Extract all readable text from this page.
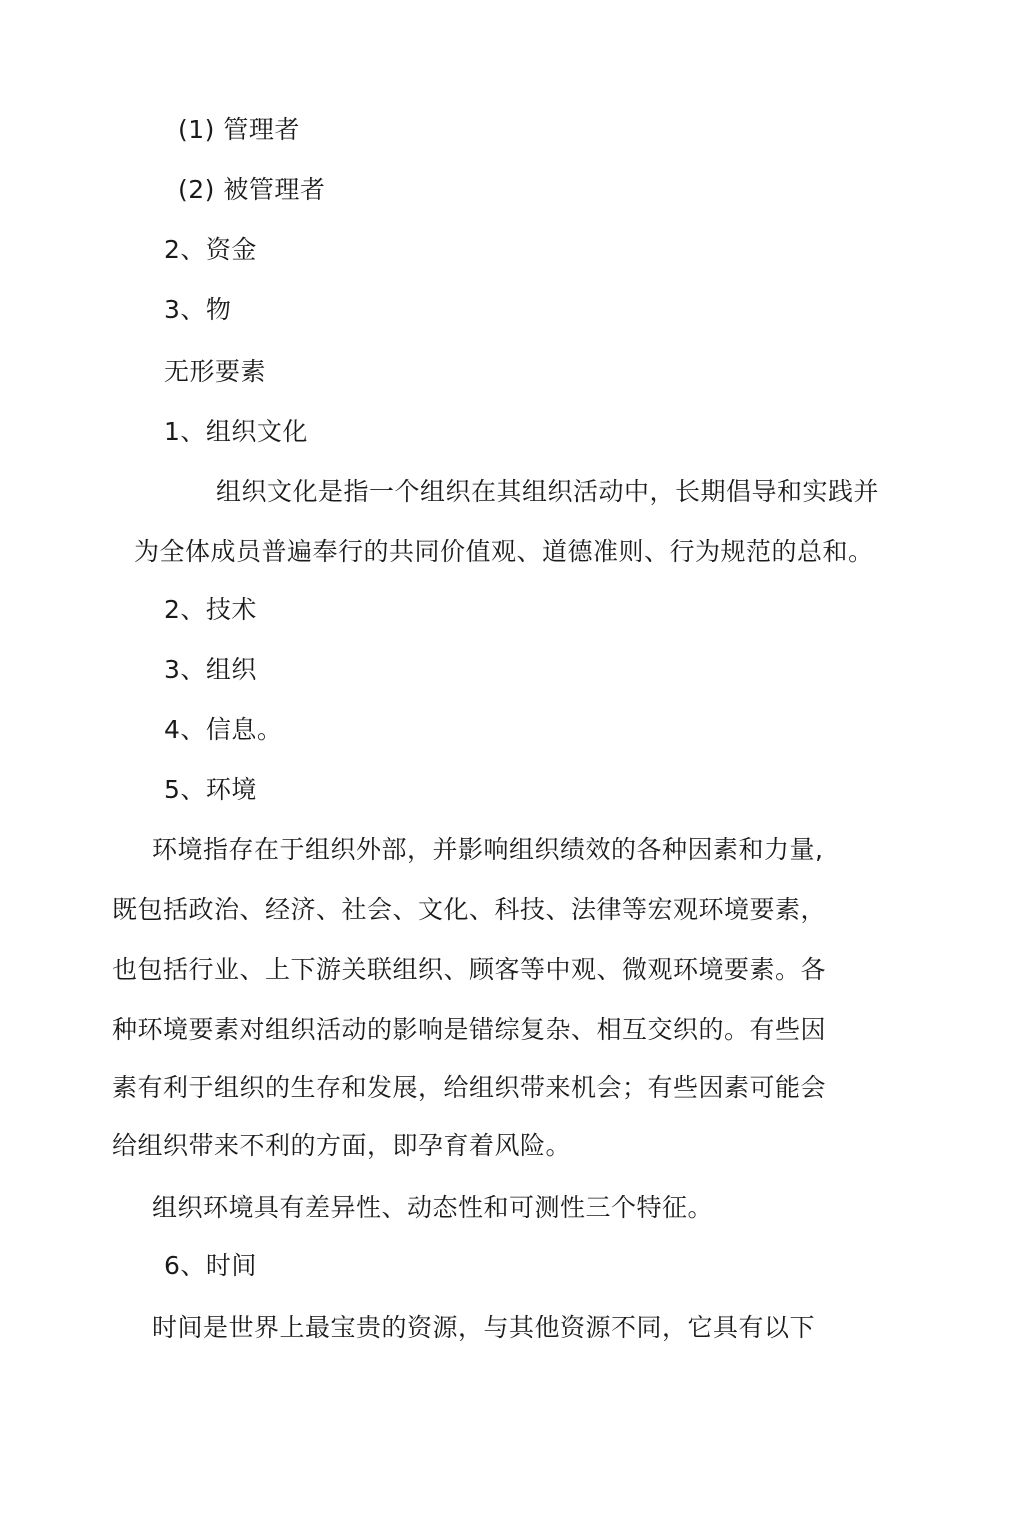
(1) 管理者
(2) 被管理者
2、资金
3、物
无形要素
1、组织文化
组织文化是指一个组织在其组织活动中，长期倡导和实践并
为全体成员普遍奉行的共同价值观、道德准则、行为规范的总和。
2、技术
3、组织
4、信息。
5、环境
环境指存在于组织外部，并影响组织绩效的各种因素和力量,
既包括政治、经济、社会、文化、科技、法律等宏观环境要素，
也包括行业、上下游关联组织、顾客等中观、微观环境要素。各
种环境要素对组织活动的影响是错综复杂、相互交织的。有些因
素有利于组织的生存和发展，给组织带来机会；有些因素可能会
给组织带来不利的方面，即孕育着风险。
组织环境具有差异性、动态性和可测性三个特征。
6、时间
时间是世界上最宝贵的资源，与其他资源不同，它具有以下
